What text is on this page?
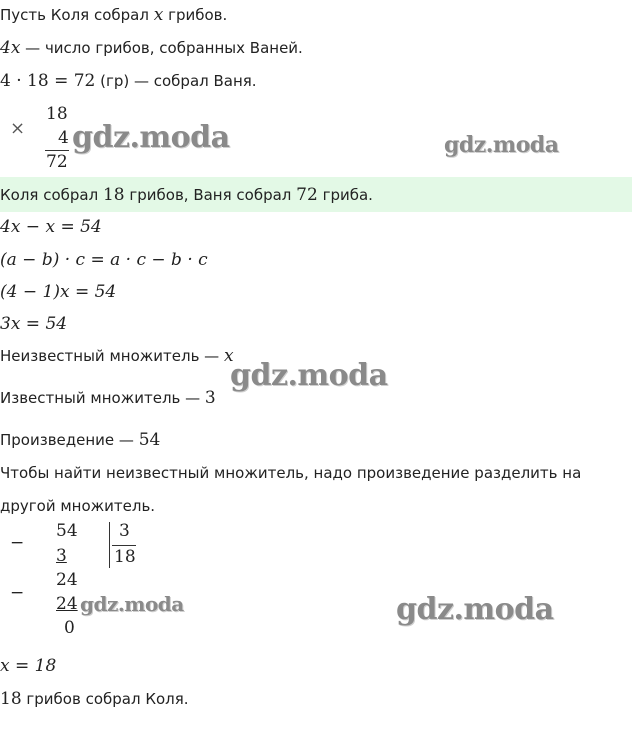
Пусть Коля собрал x грибов.
4x — число грибов, собранных Ваней.
4 · 18 = 72 (гр) — собрал Ваня.
×
18
4
72
gdz.moda	gdz.moda
Коля собрал 18 грибов, Ваня собрал 72 гриба.
4x − x = 54
(a − b) · c = a · c − b · c
(4 − 1)x = 54
3x = 54
Неизвестный множитель — x
gdz.moda
Известный множитель — 3
Произведение — 54
Чтобы найти неизвестный множитель, надо произведение разделить на
другой множитель.
−
54
3
3
18
24
−
24
0
gdz.moda	gdz.moda
x = 18
18 грибов собрал Коля.
